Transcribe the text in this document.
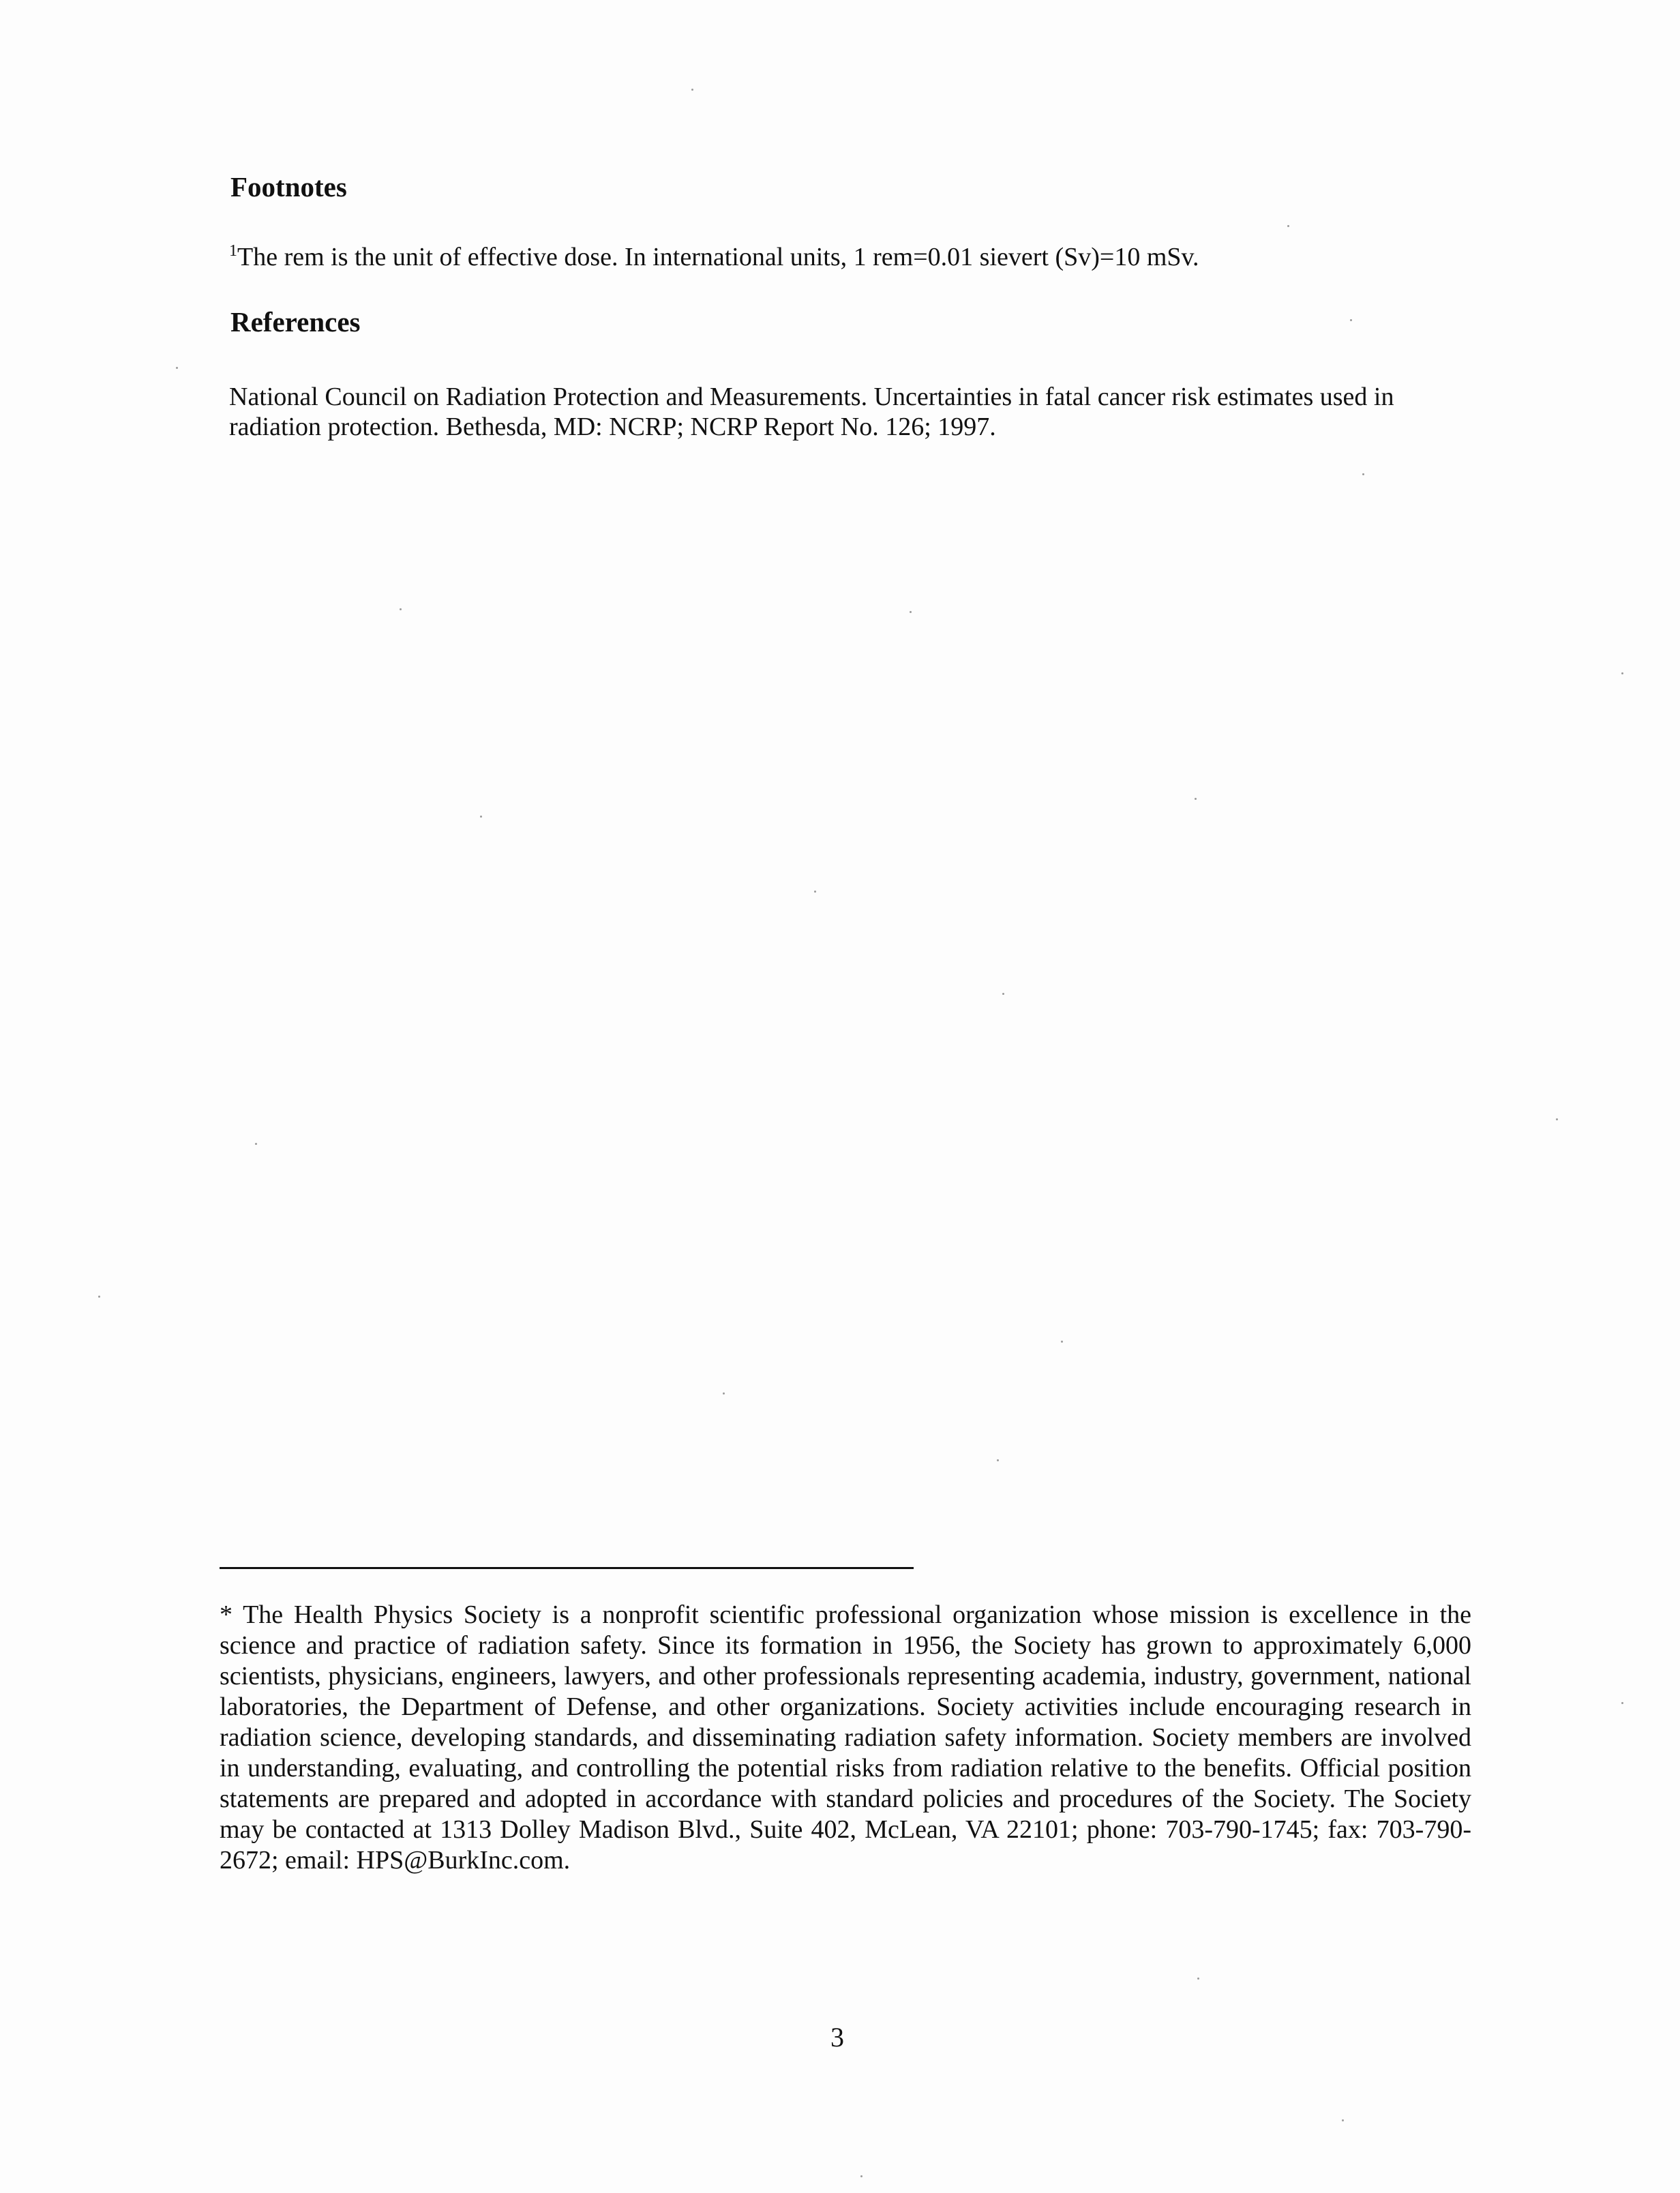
Footnotes

$^1$The rem is the unit of effective dose. In international units, 1 rem=0.01 sievert (Sv)=10 mSv.

References

National Council on Radiation Protection and Measurements. Uncertainties in fatal cancer risk estimates used in radiation protection. Bethesda, MD: NCRP; NCRP Report No. 126; 1997.

* The Health Physics Society is a nonprofit scientific professional organization whose mission is excellence in the science and practice of radiation safety. Since its formation in 1956, the Society has grown to approximately 6,000 scientists, physicians, engineers, lawyers, and other professionals representing academia, industry, government, national laboratories, the Department of Defense, and other organizations. Society activities include encouraging research in radiation science, developing standards, and disseminating radiation safety information. Society members are involved in understanding, evaluating, and controlling the potential risks from radiation relative to the benefits. Official position statements are prepared and adopted in accordance with standard policies and procedures of the Society. The Society may be contacted at 1313 Dolley Madison Blvd., Suite 402, McLean, VA 22101; phone: 703-790-1745; fax: 703-790-2672; email: HPS@BurkInc.com.

3
